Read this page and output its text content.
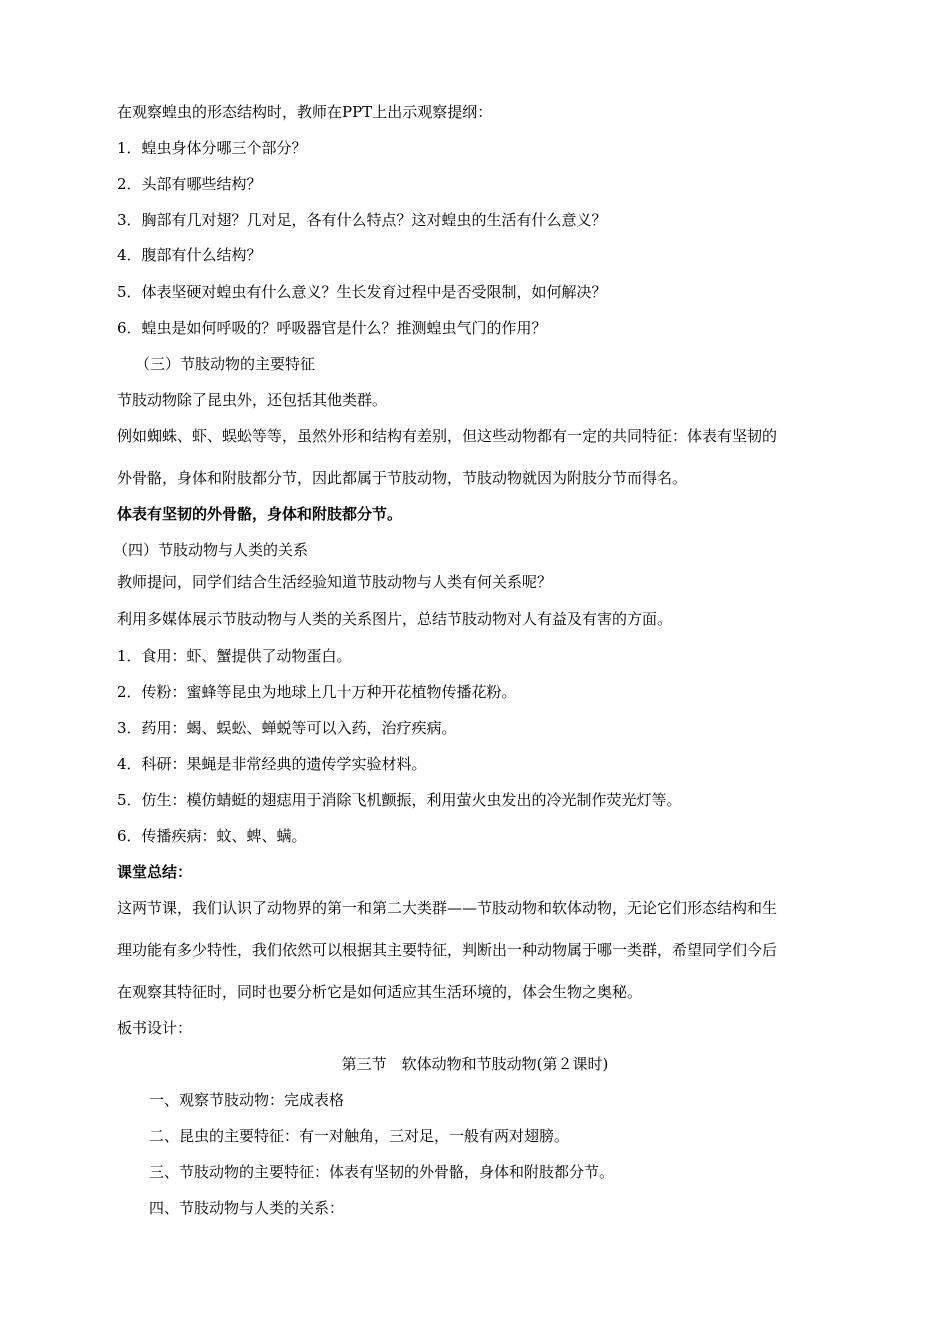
在观察蝗虫的形态结构时，教师在PPT上出示观察提纲：
1．蝗虫身体分哪三个部分？
2．头部有哪些结构？
3．胸部有几对翅？几对足，各有什么特点？这对蝗虫的生活有什么意义？
4．腹部有什么结构？
5．体表坚硬对蝗虫有什么意义？生长发育过程中是否受限制，如何解决？
6．蝗虫是如何呼吸的？呼吸器官是什么？推测蝗虫气门的作用？
（三）节肢动物的主要特征
节肢动物除了昆虫外，还包括其他类群。
例如蜘蛛、虾、蜈蚣等等，虽然外形和结构有差别，但这些动物都有一定的共同特征：体表有坚韧的
外骨骼，身体和附肢都分节，因此都属于节肢动物，节肢动物就因为附肢分节而得名。
体表有坚韧的外骨骼，身体和附肢都分节。
（四）节肢动物与人类的关系
教师提问，同学们结合生活经验知道节肢动物与人类有何关系呢？
利用多媒体展示节肢动物与人类的关系图片，总结节肢动物对人有益及有害的方面。
1．食用：虾、蟹提供了动物蛋白。
2．传粉：蜜蜂等昆虫为地球上几十万种开花植物传播花粉。
3．药用：蝎、蜈蚣、蝉蜕等可以入药，治疗疾病。
4．科研：果蝇是非常经典的遗传学实验材料。
5．仿生：模仿蜻蜓的翅痣用于消除飞机颤振，利用萤火虫发出的冷光制作荧光灯等。
6．传播疾病：蚊、蜱、螨。
课堂总结：
这两节课，我们认识了动物界的第一和第二大类群——节肢动物和软体动物，无论它们形态结构和生
理功能有多少特性，我们依然可以根据其主要特征，判断出一种动物属于哪一类群，希望同学们今后
在观察其特征时，同时也要分析它是如何适应其生活环境的，体会生物之奥秘。
板书设计：
第三节　软体动物和节肢动物(第２课时)
一、观察节肢动物：完成表格
二、昆虫的主要特征：有一对触角，三对足，一般有两对翅膀。
三、节肢动物的主要特征：体表有坚韧的外骨骼，身体和附肢都分节。
四、节肢动物与人类的关系：
